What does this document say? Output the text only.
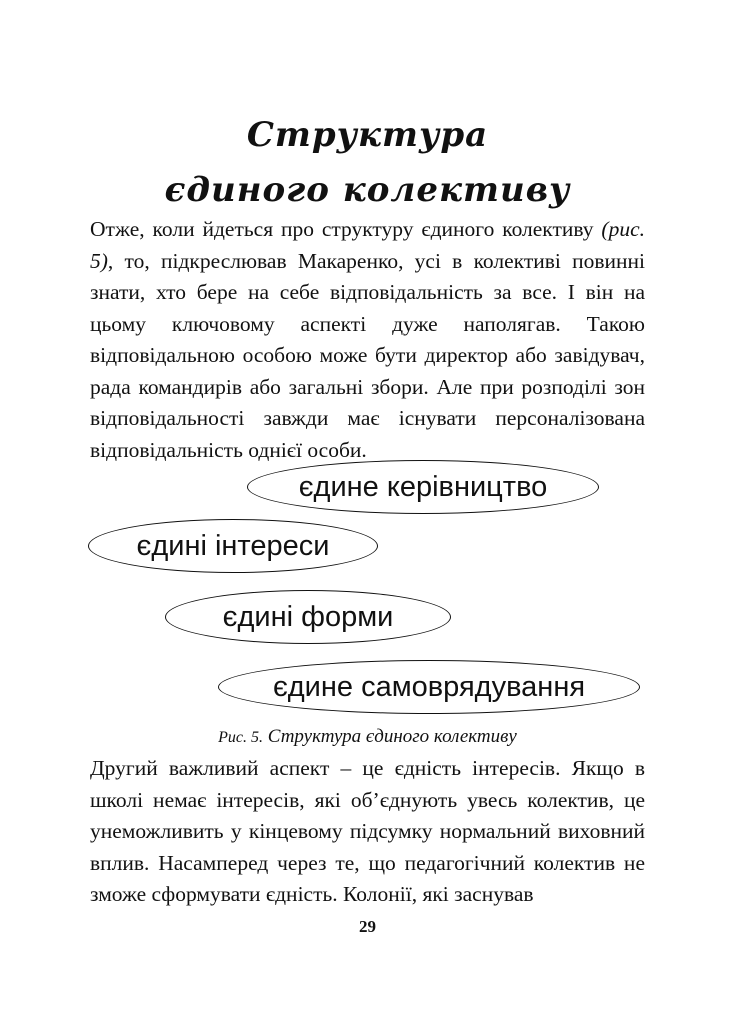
Структура
єдиного колективу

Отже, коли йдеться про структуру єдиного колективу (рис. 5), то, підкреслював Макаренко, усі в колективі повинні знати, хто бере на себе відповідальність за все. І він на цьому ключовому аспекті дуже наполягав. Такою відповідальною особою може бути директор або завідувач, рада командирів або загальні збори. Але при розподілі зон відповідальності завжди має існувати персоналізована відповідальність однієї особи.

єдине керівництво
єдині інтереси
єдині форми
єдине самоврядування
Рис. 5. Структура єдиного колективу

Другий важливий аспект – це єдність інтересів. Якщо в школі немає інтересів, які об’єднують увесь колектив, це унеможливить у кінцевому підсумку нормальний виховний вплив. Насамперед через те, що педагогічний колектив не зможе сформувати єдність. Колонії, які заснував

29
